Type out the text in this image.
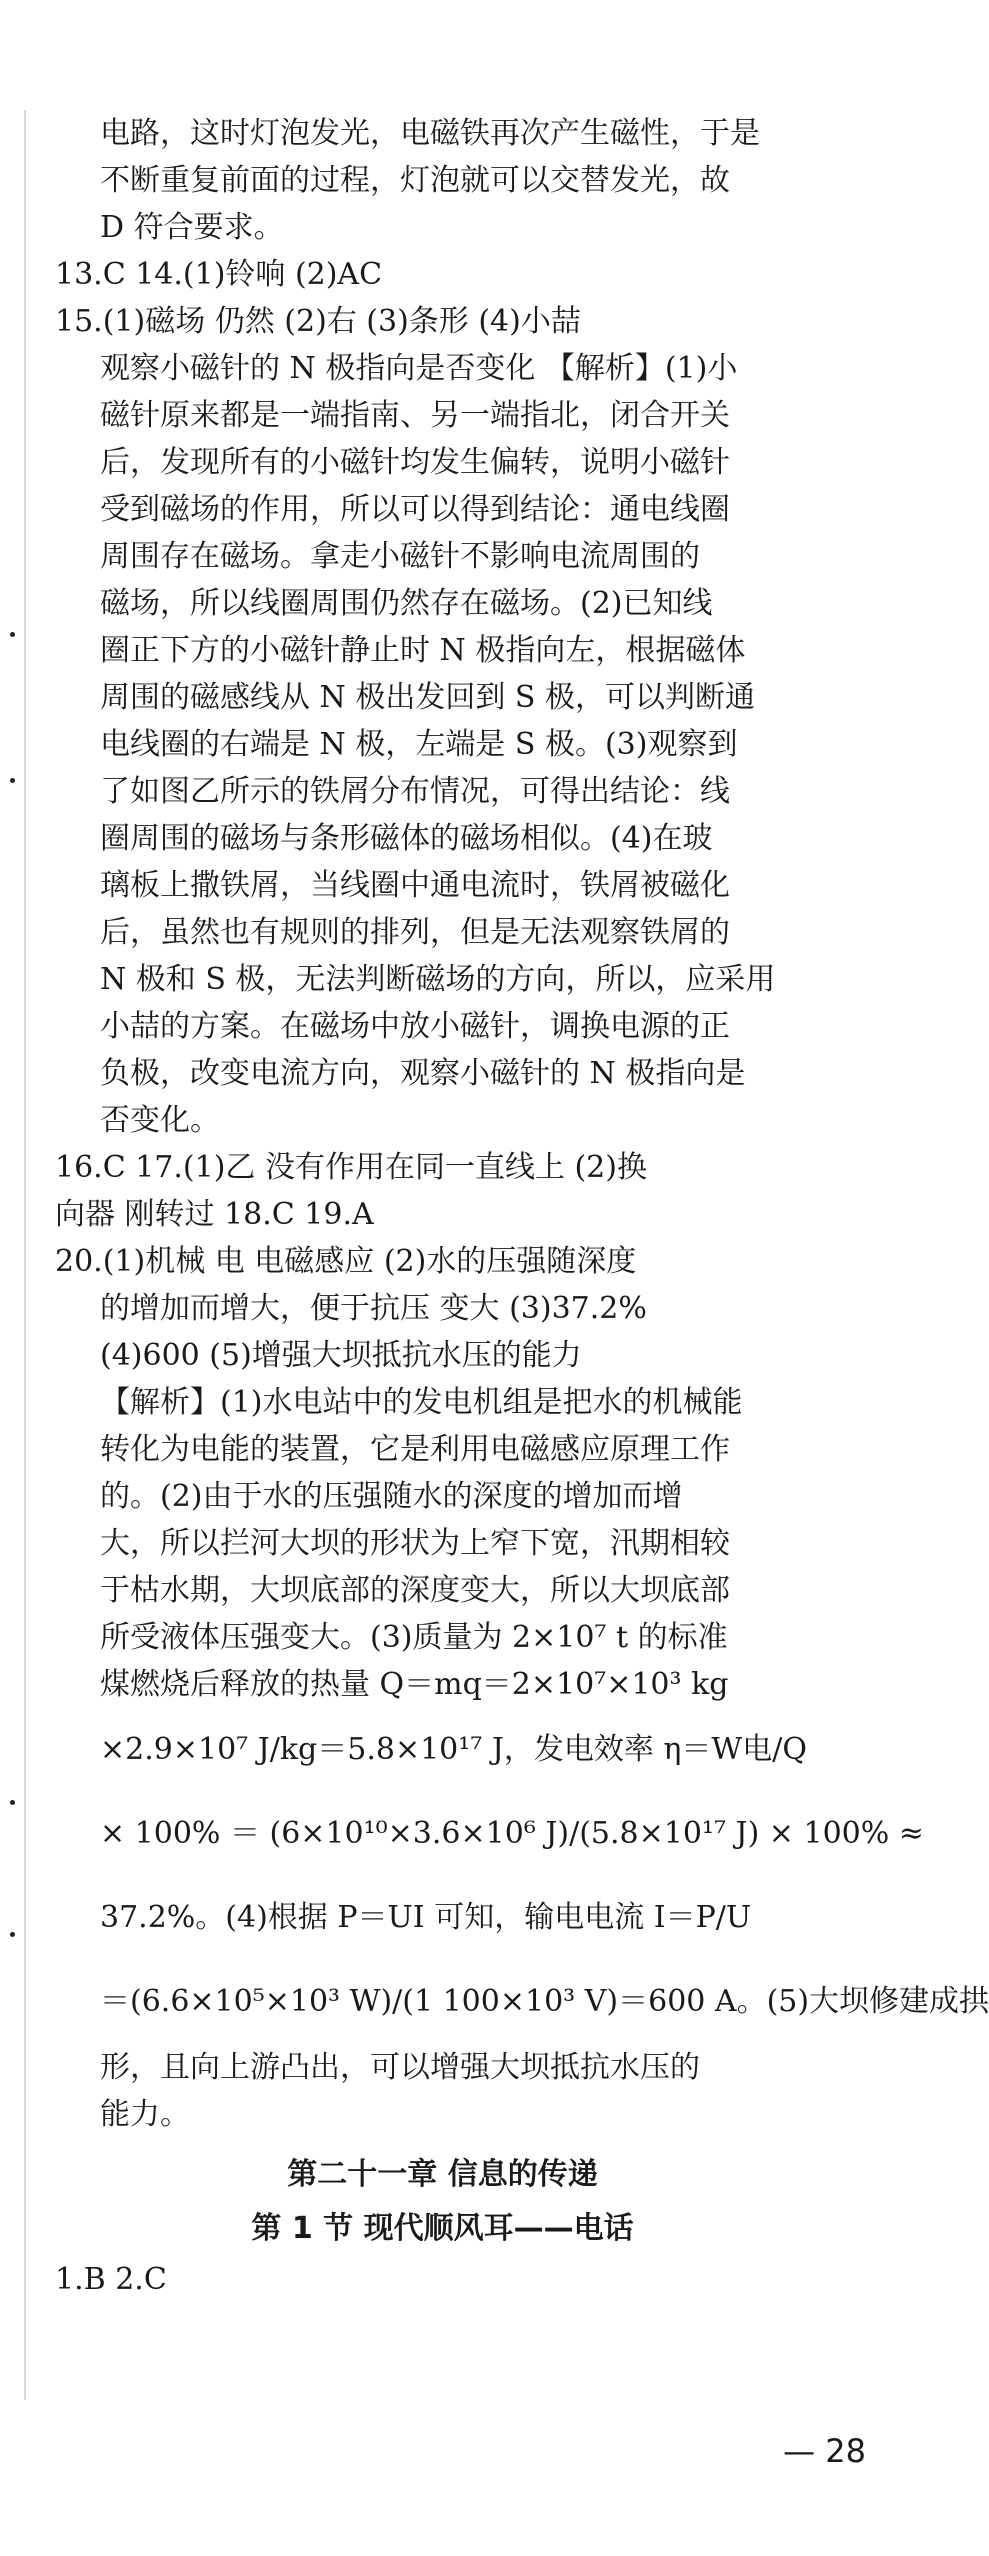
电路，这时灯泡发光，电磁铁再次产生磁性，于是
不断重复前面的过程，灯泡就可以交替发光，故
D 符合要求。
13.C 14.(1)铃响 (2)AC
15.(1)磁场 仍然 (2)右 (3)条形 (4)小喆
观察小磁针的 N 极指向是否变化 【解析】(1)小
磁针原来都是一端指南、另一端指北，闭合开关
后，发现所有的小磁针均发生偏转，说明小磁针
受到磁场的作用，所以可以得到结论：通电线圈
周围存在磁场。拿走小磁针不影响电流周围的
磁场，所以线圈周围仍然存在磁场。(2)已知线
圈正下方的小磁针静止时 N 极指向左，根据磁体
周围的磁感线从 N 极出发回到 S 极，可以判断通
电线圈的右端是 N 极，左端是 S 极。(3)观察到
了如图乙所示的铁屑分布情况，可得出结论：线
圈周围的磁场与条形磁体的磁场相似。(4)在玻
璃板上撒铁屑，当线圈中通电流时，铁屑被磁化
后，虽然也有规则的排列，但是无法观察铁屑的
N 极和 S 极，无法判断磁场的方向，所以，应采用
小喆的方案。在磁场中放小磁针，调换电源的正
负极，改变电流方向，观察小磁针的 N 极指向是
否变化。
16.C 17.(1)乙 没有作用在同一直线上 (2)换
向器 刚转过 18.C 19.A
20.(1)机械 电 电磁感应 (2)水的压强随深度
的增加而增大，便于抗压 变大 (3)37.2%
(4)600 (5)增强大坝抵抗水压的能力
【解析】(1)水电站中的发电机组是把水的机械能
转化为电能的装置，它是利用电磁感应原理工作
的。(2)由于水的压强随水的深度的增加而增
大，所以拦河大坝的形状为上窄下宽，汛期相较
于枯水期，大坝底部的深度变大，所以大坝底部
所受液体压强变大。(3)质量为 2×10⁷ t 的标准
煤燃烧后释放的热量 Q＝mq＝2×10⁷×10³ kg
×2.9×10⁷ J/kg＝5.8×10¹⁷ J，发电效率 η＝W电/Q
× 100% ＝ (6×10¹⁰×3.6×10⁶ J)/(5.8×10¹⁷ J) × 100% ≈
37.2%。(4)根据 P＝UI 可知，输电电流 I＝P/U
＝(6.6×10⁵×10³ W)/(1 100×10³ V)＝600 A。(5)大坝修建成拱
形，且向上游凸出，可以增强大坝抵抗水压的
能力。
第二十一章 信息的传递
第 1 节 现代顺风耳——电话
1.B 2.C
— 28
